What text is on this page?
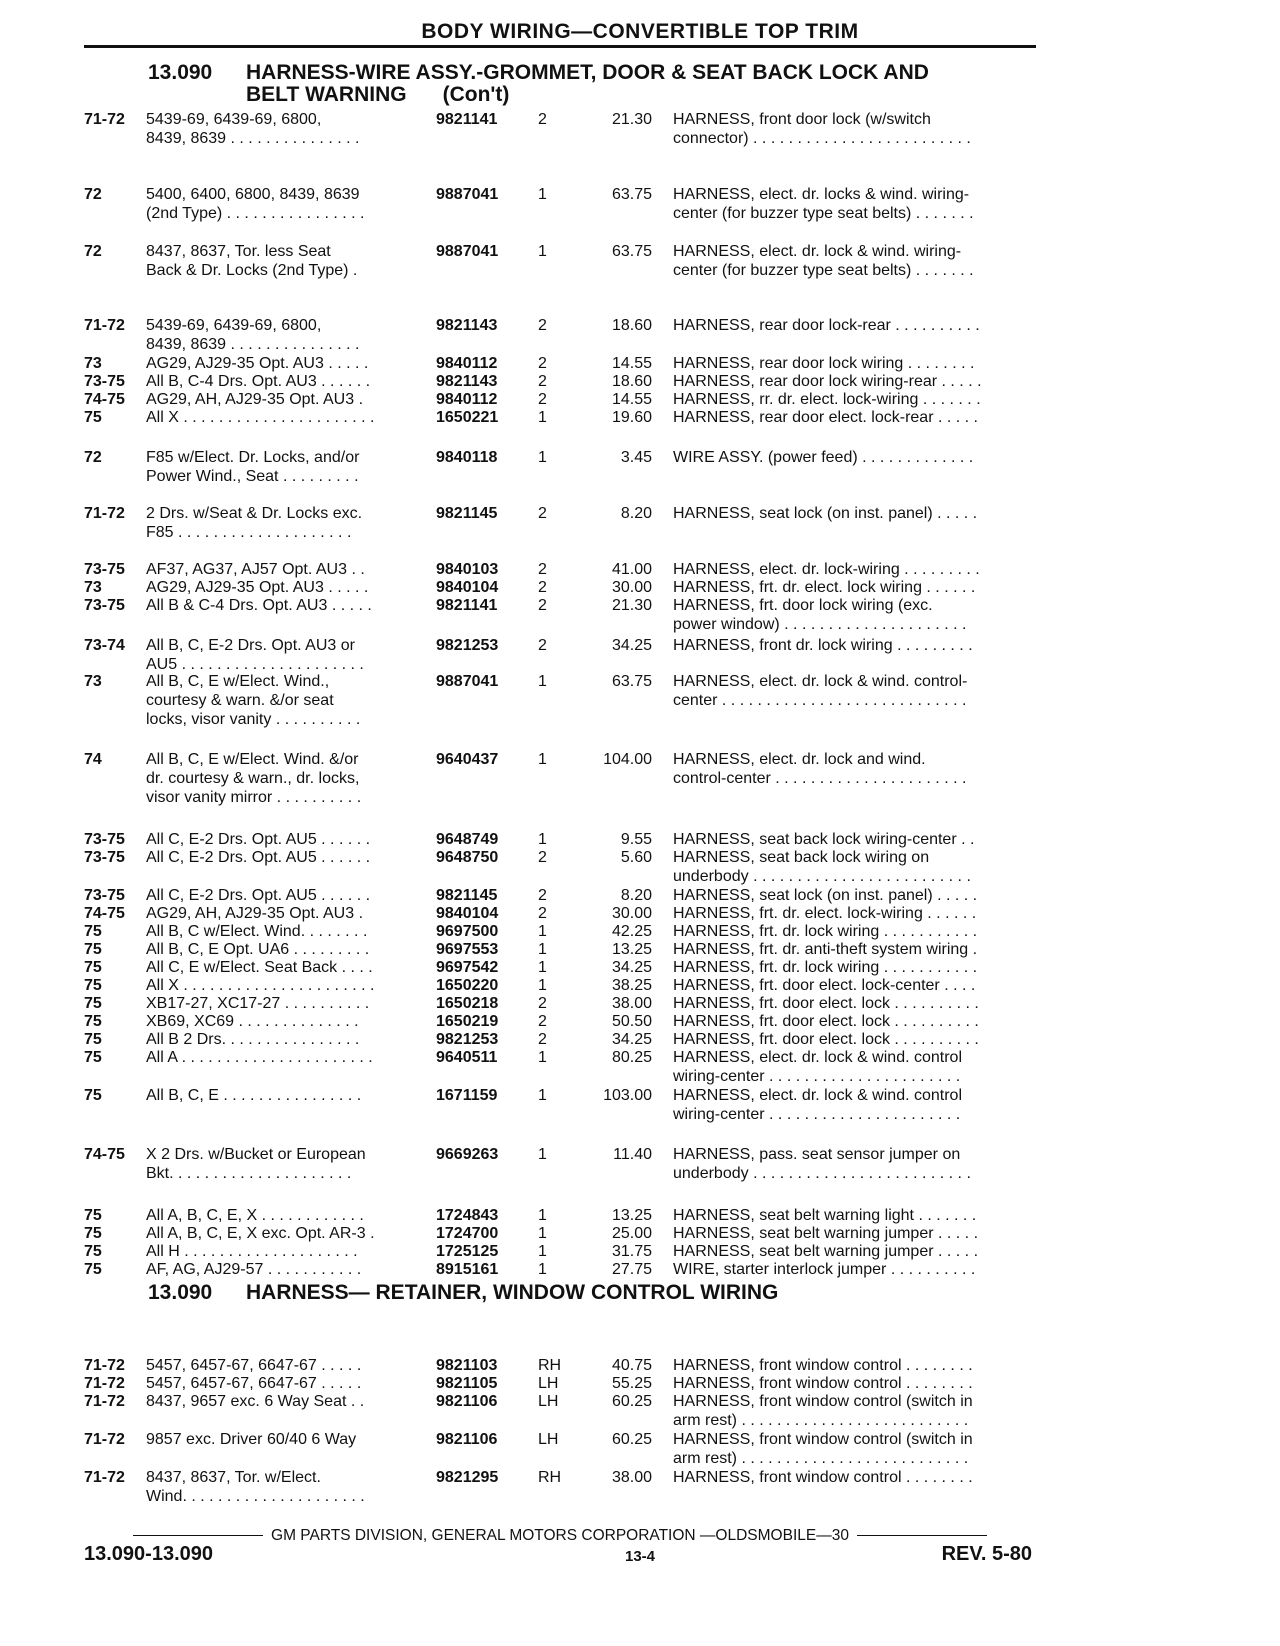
BODY WIRING—CONVERTIBLE TOP TRIM
13.090 HARNESS-WIRE ASSY.-GROMMET, DOOR & SEAT BACK LOCK AND
BELT WARNING (Con't)
71-72	5439-69, 6439-69, 6800,
8439, 8639 . . . . . . . . . . . . . . .
9821141	2	21.30 HARNESS, front door lock (w/switch
connector) . . . . . . . . . . . . . . . . . . . . . . . . .
72	5400, 6400, 6800, 8439, 8639
(2nd Type) . . . . . . . . . . . . . . . .
9887041 1	63.75 HARNESS, elect. dr. locks & wind. wiring-
center (for buzzer type seat belts) . . . . . . .
72	8437, 8637, Tor. less Seat
Back & Dr. Locks (2nd Type) .
9887041 1	63.75 HARNESS, elect. dr. lock & wind. wiring-
center (for buzzer type seat belts) . . . . . . .
71-72	5439-69, 6439-69, 6800,
8439, 8639 . . . . . . . . . . . . . . .
9821143	2	18.60 HARNESS, rear door lock-rear . . . . . . . . . .
73	AG29, AJ29-35 Opt. AU3 . . . . .	9840112	2	14.55 HARNESS, rear door lock wiring . . . . . . . .
73-75	All B, C-4 Drs. Opt. AU3 . . . . . .	9821143	2	18.60 HARNESS, rear door lock wiring-rear . . . . .
74-75	AG29, AH, AJ29-35 Opt. AU3 .	9840112	2	14.55 HARNESS, rr. dr. elect. lock-wiring . . . . . . .
75	All X . . . . . . . . . . . . . . . . . . . . . .	1650221 1	19.60 HARNESS, rear door elect. lock-rear . . . . .
72	F85 w/Elect. Dr. Locks, and/or
Power Wind., Seat . . . . . . . . .
9840118	1	3.45 WIRE ASSY. (power feed) . . . . . . . . . . . . .
71-72	2 Drs. w/Seat & Dr. Locks exc.
F85 . . . . . . . . . . . . . . . . . . . .
9821145	2	8.20 HARNESS, seat lock (on inst. panel) . . . . .
73-75	AF37, AG37, AJ57 Opt. AU3 . .	9840103 2	41.00 HARNESS, elect. dr. lock-wiring . . . . . . . . .
73	AG29, AJ29-35 Opt. AU3 . . . . .	9840104 2	30.00 HARNESS, frt. dr. elect. lock wiring . . . . . .
73-75	All B & C-4 Drs. Opt. AU3 . . . . .	9821141	2	21.30 HARNESS, frt. door lock wiring (exc.
power window) . . . . . . . . . . . . . . . . . . . . .
73-74	All B, C, E-2 Drs. Opt. AU3 or
AU5 . . . . . . . . . . . . . . . . . . . . .
9821253 2	34.25 HARNESS, front dr. lock wiring . . . . . . . . .
73	All B, C, E w/Elect. Wind.,
courtesy & warn. &/or seat
locks, visor vanity . . . . . . . . . .
9887041 1	63.75 HARNESS, elect. dr. lock & wind. control-
center . . . . . . . . . . . . . . . . . . . . . . . . . . . .
74	All B, C, E w/Elect. Wind. &/or
dr. courtesy & warn., dr. locks,
visor vanity mirror . . . . . . . . . .
9640437 1	104.00 HARNESS, elect. dr. lock and wind.
control-center . . . . . . . . . . . . . . . . . . . . . .
73-75	All C, E-2 Drs. Opt. AU5 . . . . . .	9648749 1	9.55 HARNESS, seat back lock wiring-center . .
73-75	All C, E-2 Drs. Opt. AU5 . . . . . .	9648750 2	5.60 HARNESS, seat back lock wiring on
underbody . . . . . . . . . . . . . . . . . . . . . . . . .
73-75	All C, E-2 Drs. Opt. AU5 . . . . . .	9821145	2	8.20 HARNESS, seat lock (on inst. panel) . . . . .
74-75	AG29, AH, AJ29-35 Opt. AU3 .	9840104 2	30.00 HARNESS, frt. dr. elect. lock-wiring . . . . . .
75	All B, C w/Elect. Wind. . . . . . . .	9697500 1	42.25 HARNESS, frt. dr. lock wiring . . . . . . . . . . .
75	All B, C, E Opt. UA6 . . . . . . . . .	9697553 1	13.25 HARNESS, frt. dr. anti-theft system wiring .
75	All C, E w/Elect. Seat Back . . . .	9697542 1	34.25 HARNESS, frt. dr. lock wiring . . . . . . . . . . .
75	All X . . . . . . . . . . . . . . . . . . . . . .	1650220 1	38.25 HARNESS, frt. door elect. lock-center . . . .
75	XB17-27, XC17-27 . . . . . . . . . .	1650218 2	38.00 HARNESS, frt. door elect. lock . . . . . . . . . .
75	XB69, XC69 . . . . . . . . . . . . . .	1650219 2	50.50 HARNESS, frt. door elect. lock . . . . . . . . . .
75	All B 2 Drs. . . . . . . . . . . . . . . .	9821253 2	34.25 HARNESS, frt. door elect. lock . . . . . . . . . .
75	All A . . . . . . . . . . . . . . . . . . . . . .	9640511	1	80.25 HARNESS, elect. dr. lock & wind. control
wiring-center . . . . . . . . . . . . . . . . . . . . . .
75	All B, C, E . . . . . . . . . . . . . . . .	1671159	1	103.00 HARNESS, elect. dr. lock & wind. control
wiring-center . . . . . . . . . . . . . . . . . . . . . .
74-75	X 2 Drs. w/Bucket or European
Bkt. . . . . . . . . . . . . . . . . . . . .
9669263 1	11.40 HARNESS, pass. seat sensor jumper on
underbody . . . . . . . . . . . . . . . . . . . . . . . . .
75	All A, B, C, E, X . . . . . . . . . . . .	1724843 1	13.25 HARNESS, seat belt warning light . . . . . . .
75	All A, B, C, E, X exc. Opt. AR-3 .	1724700 1	25.00 HARNESS, seat belt warning jumper . . . . .
75	All H . . . . . . . . . . . . . . . . . . . .	1725125 1	31.75 HARNESS, seat belt warning jumper . . . . .
75	AF, AG, AJ29-57 . . . . . . . . . . .	8915161 1	27.75 WIRE, starter interlock jumper . . . . . . . . . .
71-72	5457, 6457-67, 6647-67 . . . . .	9821103	RH	40.75 HARNESS, front window control . . . . . . . .
71-72	5457, 6457-67, 6647-67 . . . . .	9821105	LH	55.25 HARNESS, front window control . . . . . . . .
71-72	8437, 9657 exc. 6 Way Seat . .	9821106	LH	60.25 HARNESS, front window control (switch in
arm rest) . . . . . . . . . . . . . . . . . . . . . . . . . .
71-72	9857 exc. Driver 60/40 6 Way	9821106	LH	60.25 HARNESS, front window control (switch in
arm rest) . . . . . . . . . . . . . . . . . . . . . . . . . .
71-72	8437, 8637, Tor. w/Elect.
Wind. . . . . . . . . . . . . . . . . . . . .
9821295 RH	38.00 HARNESS, front window control . . . . . . . .
13.090 HARNESS— RETAINER, WINDOW CONTROL WIRING
GM PARTS DIVISION, GENERAL MOTORS CORPORATION —OLDSMOBILE—30
13.090-13.090	13-4	REV. 5-80
